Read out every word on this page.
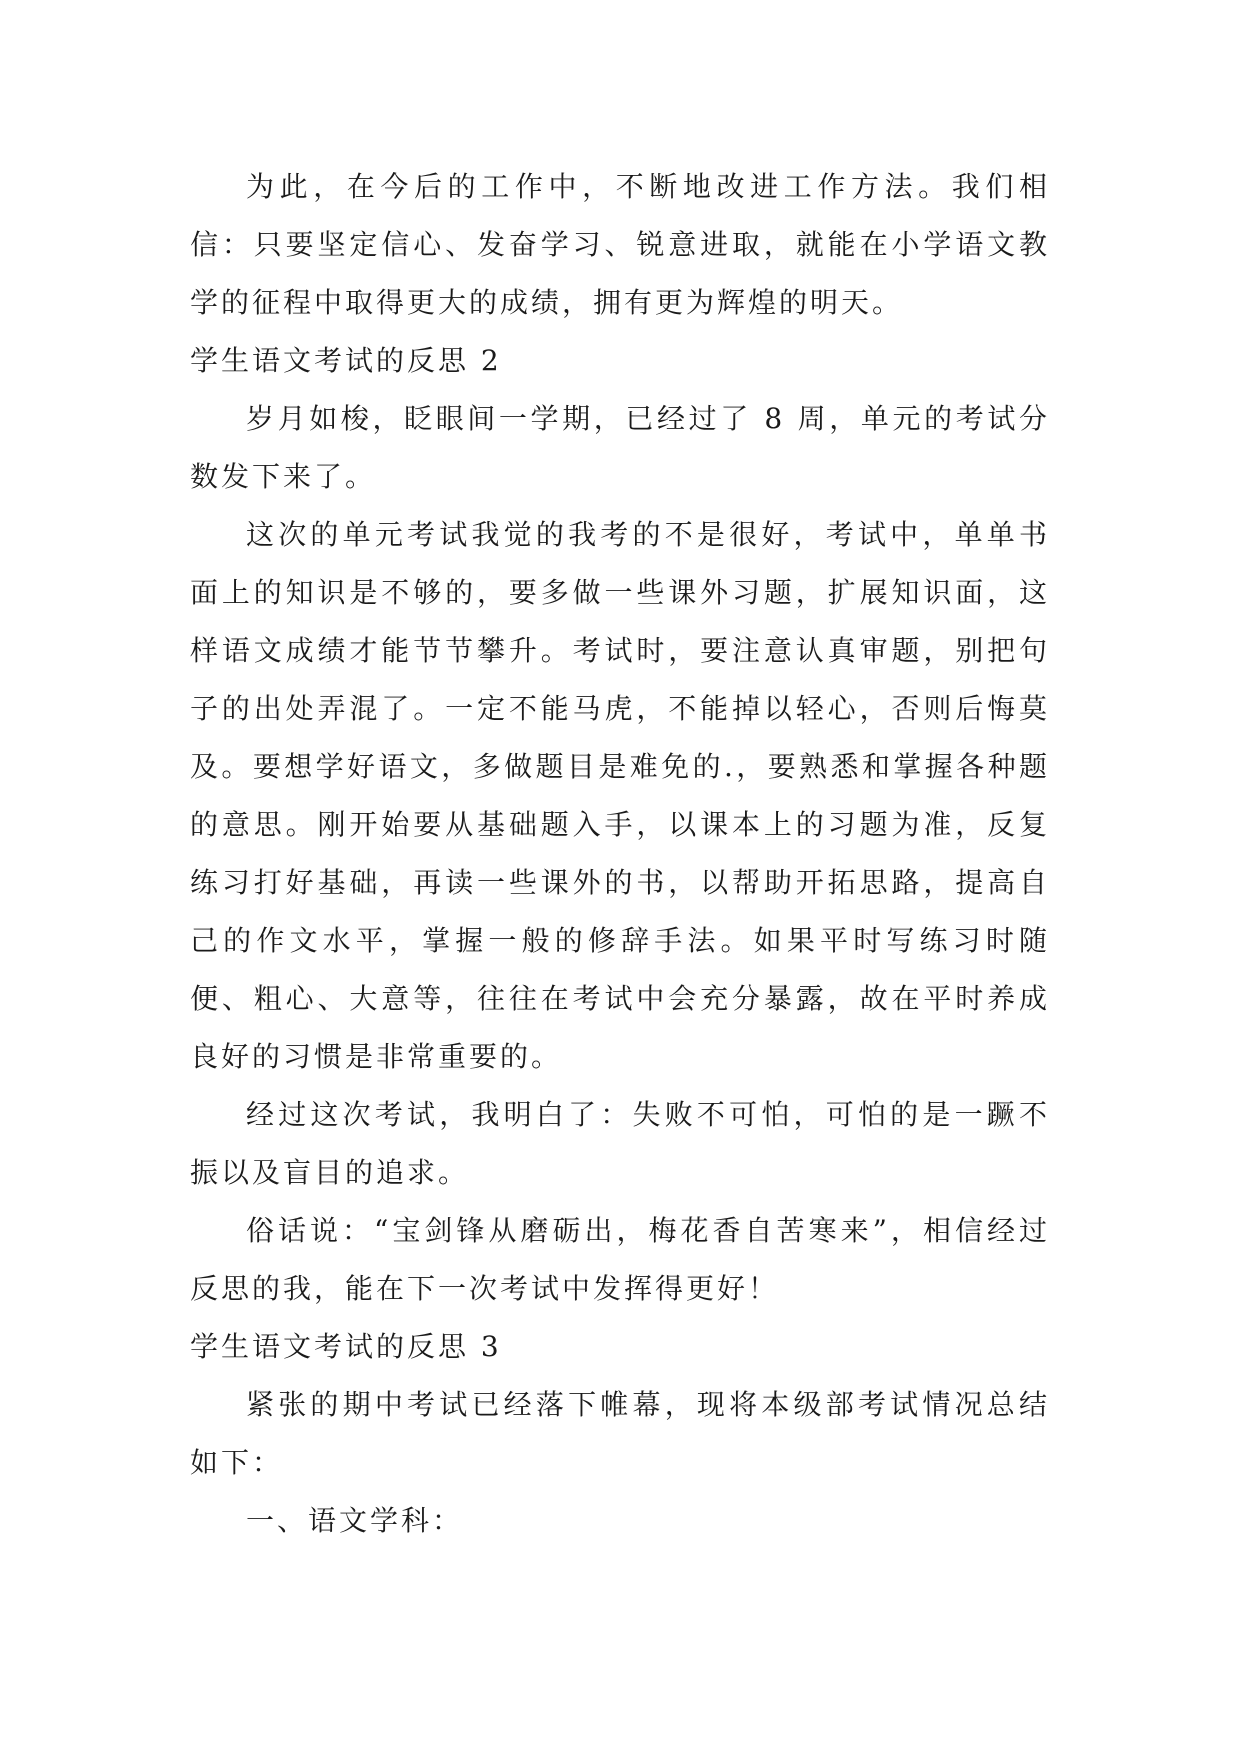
为此，在今后的工作中，不断地改进工作方法。我们相信：只要坚定信心、发奋学习、锐意进取，就能在小学语文教学的征程中取得更大的成绩，拥有更为辉煌的明天。

学生语文考试的反思 2

岁月如梭，眨眼间一学期，已经过了 8 周，单元的考试分数发下来了。

这次的单元考试我觉的我考的不是很好，考试中，单单书面上的知识是不够的，要多做一些课外习题，扩展知识面，这样语文成绩才能节节攀升。考试时，要注意认真审题，别把句子的出处弄混了。一定不能马虎，不能掉以轻心，否则后悔莫及。要想学好语文，多做题目是难免的.，要熟悉和掌握各种题的意思。刚开始要从基础题入手，以课本上的习题为准，反复练习打好基础，再读一些课外的书，以帮助开拓思路，提高自己的作文水平，掌握一般的修辞手法。如果平时写练习时随便、粗心、大意等，往往在考试中会充分暴露，故在平时养成良好的习惯是非常重要的。

经过这次考试，我明白了：失败不可怕，可怕的是一蹶不振以及盲目的追求。

俗话说：“宝剑锋从磨砺出，梅花香自苦寒来”，相信经过反思的我，能在下一次考试中发挥得更好！

学生语文考试的反思 3

紧张的期中考试已经落下帷幕，现将本级部考试情况总结如下：

一、语文学科：
